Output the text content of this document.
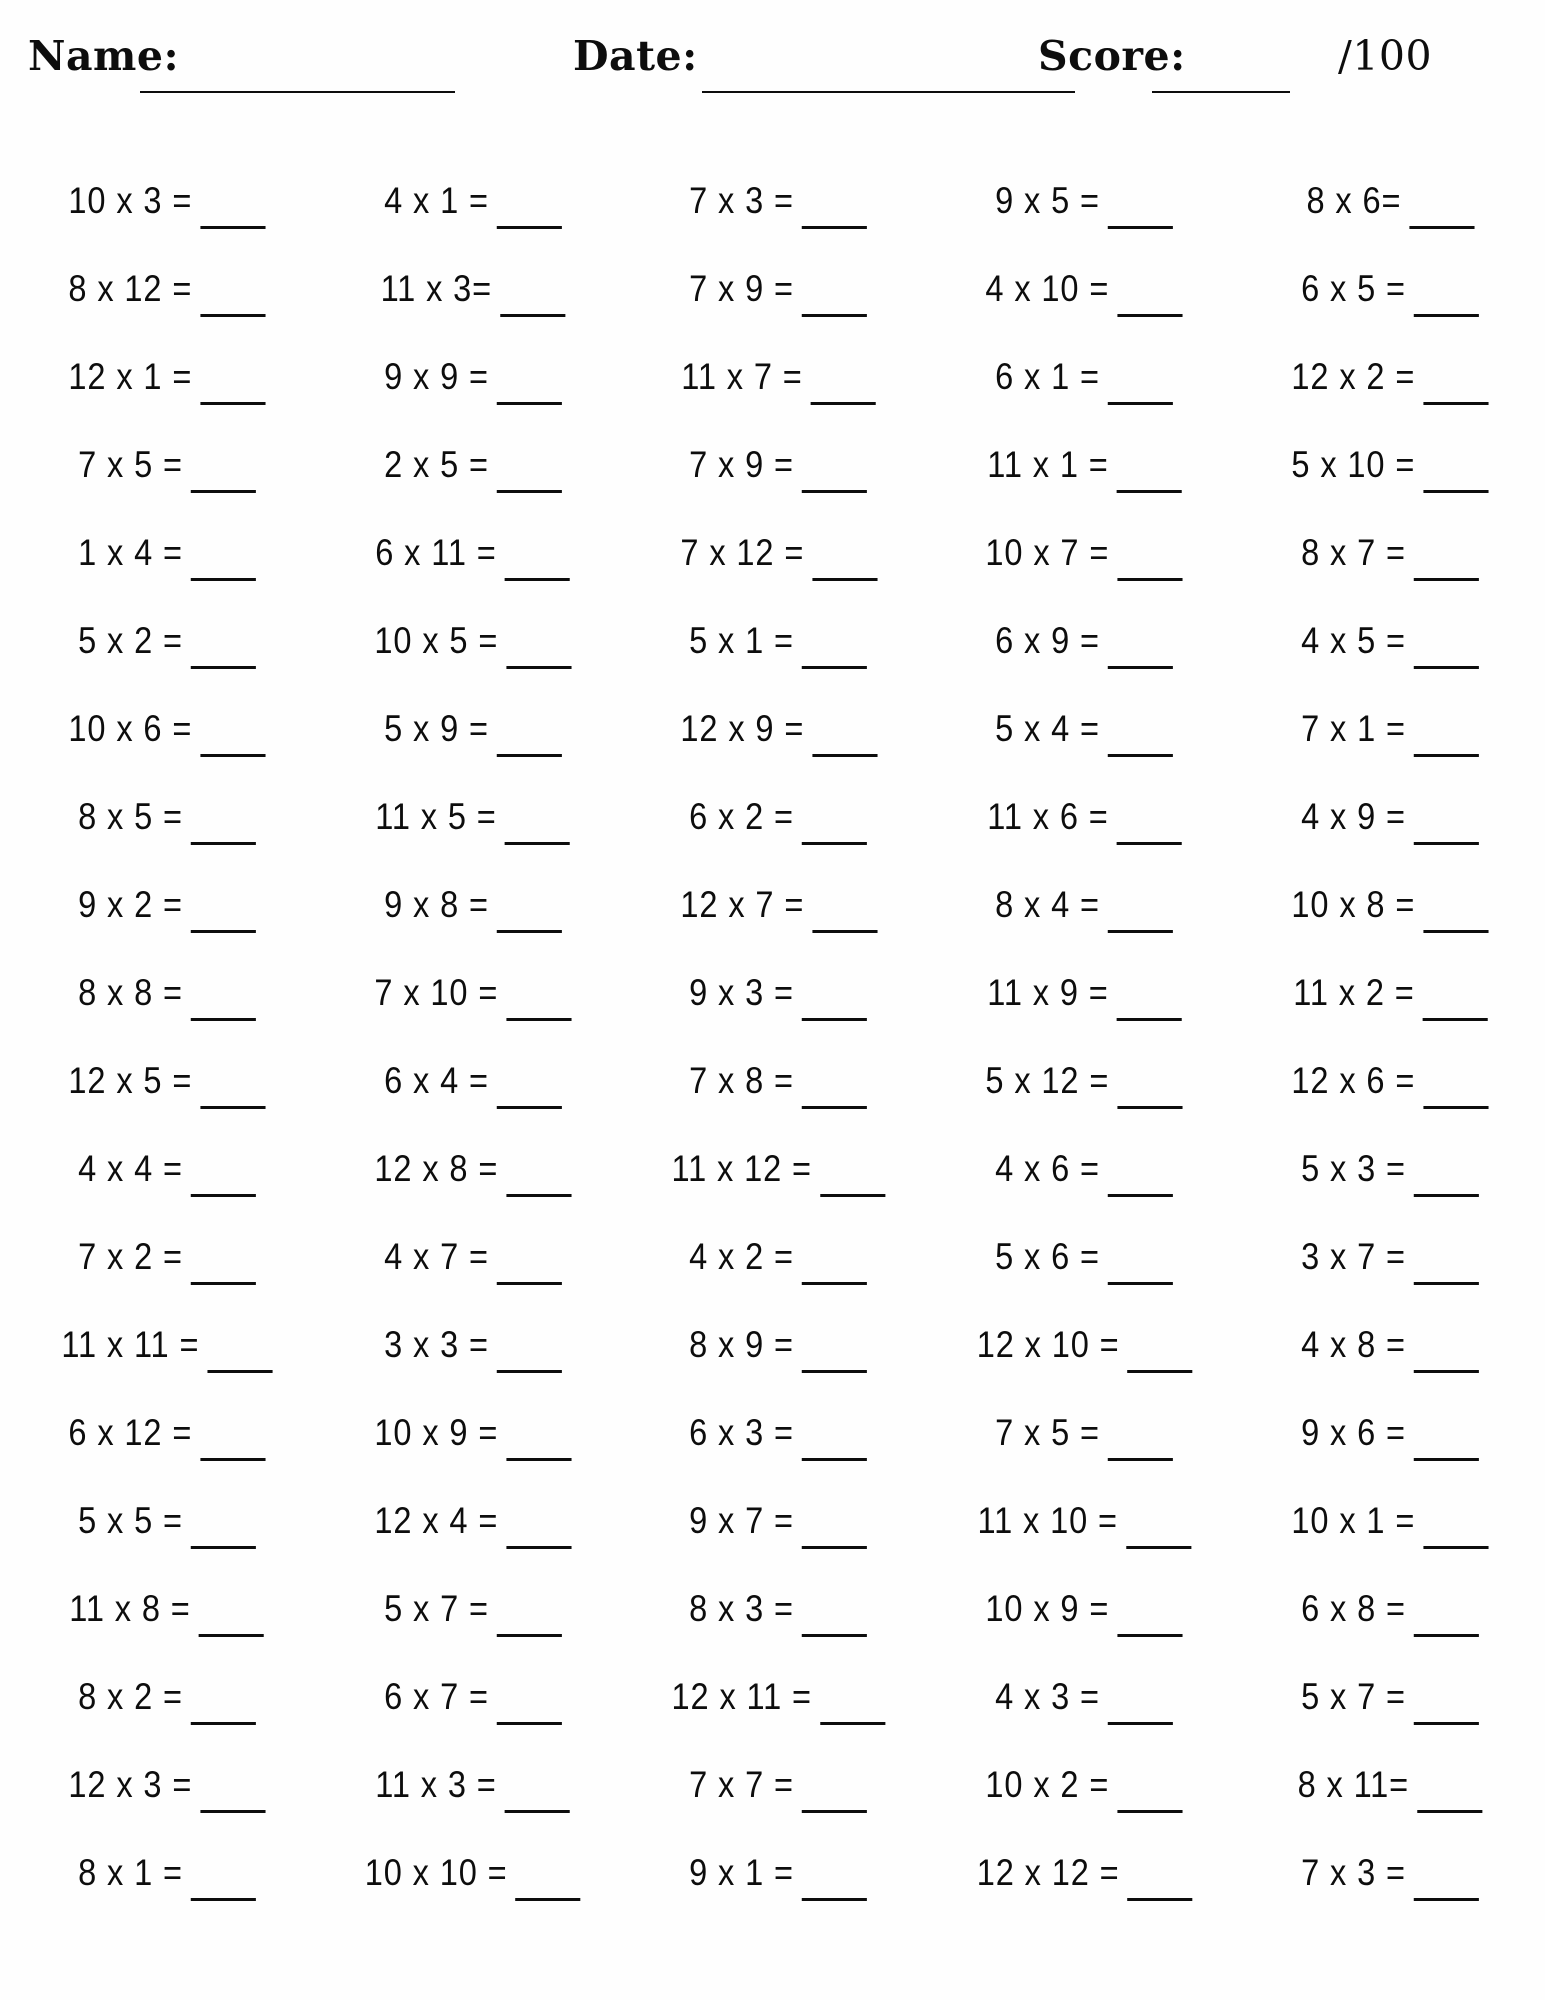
Name:	Date:	Score:	/100
10 x 3 =	4 x 1 =	7 x 3 =	9 x 5 =	8 x 6=
8 x 12 =	11 x 3=	7 x 9 =	4 x 10 =	6 x 5 =
12 x 1 =	9 x 9 =	11 x 7 =	6 x 1 =	12 x 2 =
7 x 5 =	2 x 5 =	7 x 9 =	11 x 1 =	5 x 10 =
1 x 4 =	6 x 11 =	7 x 12 =	10 x 7 =	8 x 7 =
5 x 2 =	10 x 5 =	5 x 1 =	6 x 9 =	4 x 5 =
10 x 6 =	5 x 9 =	12 x 9 =	5 x 4 =	7 x 1 =
8 x 5 =	11 x 5 =	6 x 2 =	11 x 6 =	4 x 9 =
9 x 2 =	9 x 8 =	12 x 7 =	8 x 4 =	10 x 8 =
8 x 8 =	7 x 10 =	9 x 3 =	11 x 9 =	11 x 2 =
12 x 5 =	6 x 4 =	7 x 8 =	5 x 12 =	12 x 6 =
4 x 4 =	12 x 8 =	11 x 12 =	4 x 6 =	5 x 3 =
7 x 2 =	4 x 7 =	4 x 2 =	5 x 6 =	3 x 7 =
11 x 11 =	3 x 3 =	8 x 9 =	12 x 10 =	4 x 8 =
6 x 12 =	10 x 9 =	6 x 3 =	7 x 5 =	9 x 6 =
5 x 5 =	12 x 4 =	9 x 7 =	11 x 10 =	10 x 1 =
11 x 8 =	5 x 7 =	8 x 3 =	10 x 9 =	6 x 8 =
8 x 2 =	6 x 7 =	12 x 11 =	4 x 3 =	5 x 7 =
12 x 3 =	11 x 3 =	7 x 7 =	10 x 2 =	8 x 11=
8 x 1 =	10 x 10 =	9 x 1 =	12 x 12 =	7 x 3 =
